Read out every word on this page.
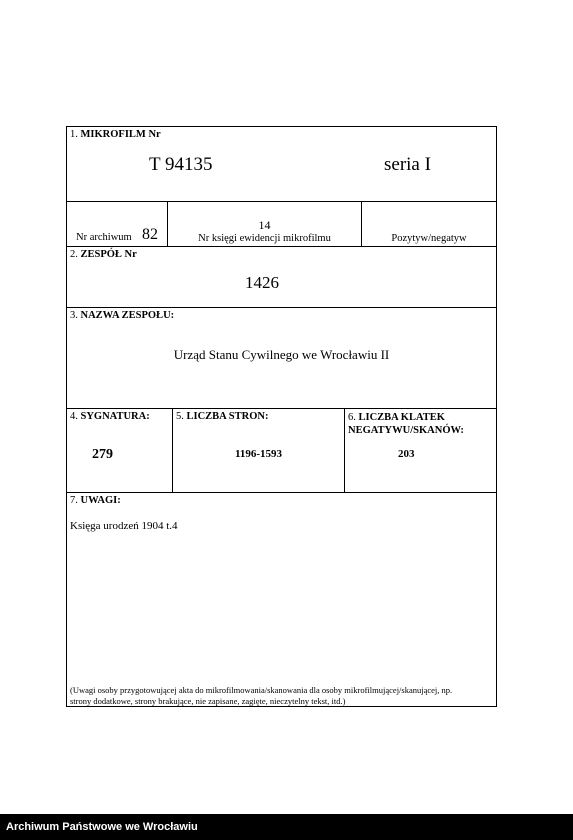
1. MIKROFILM Nr
T 94135	seria I
Nr archiwum 82
14
Nr księgi ewidencji mikrofilmu	Pozytyw/negatyw
2. ZESPÓŁ Nr
1426
3. NAZWA ZESPOŁU:
Urząd Stanu Cywilnego we Wrocławiu II
4. SYGNATURA:
279
5. LICZBA STRON:
1196-1593
6. LICZBA KLATEK
NEGATYWU/SKANÓW:
203
7. UWAGI:
Księga urodzeń 1904 t.4
(Uwagi osoby przygotowującej akta do mikrofilmowania/skanowania dla osoby mikrofilmującej/skanującej, np.
strony dodatkowe, strony brakujące, nie zapisane, zagięte, nieczytelny tekst, itd.)
Archiwum Państwowe we Wrocławiu
